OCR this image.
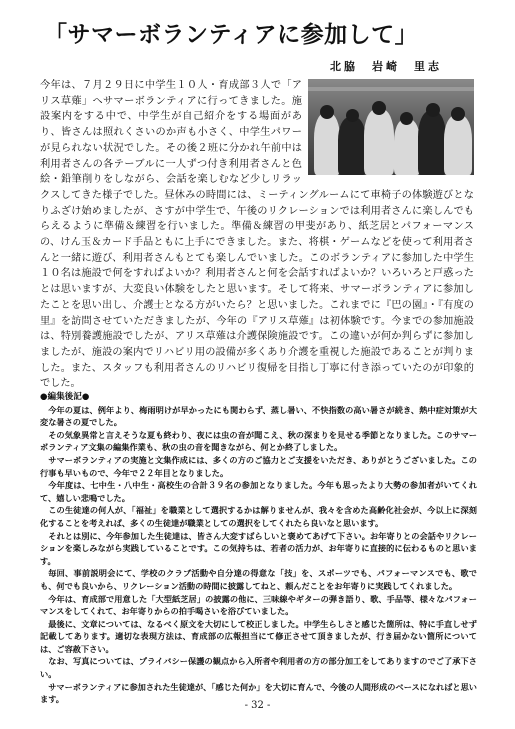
「サマーボランティアに参加して」
北脇　岩崎　里志
今年は、７月２９日に中学生１０人・育成部３人で「アリス草薙」へサマーボランティアに行ってきました。施設案内をする中で、中学生が自己紹介をする場面があり、皆さんは照れくさいのか声も小さく、中学生パワーが見られない状況でした。その後２班に分かれ午前中は利用者さんの各テーブルに一人ずつ付き利用者さんと色絵・鉛筆削りをしながら、会話を楽しむなど少しリラックスしてきた様子でした。昼休みの時間には、ミーティングルームにて車椅子の体験遊びとなりふざけ始めましたが、さすが中学生で、午後のリクレーションでは利用者さんに楽しんでもらえるように準備＆練習を行いました。準備＆練習の甲斐があり、紙芝居とパフォーマンスの、けん玉＆カード手品ともに上手にできました。また、将棋・ゲームなどを使って利用者さんと一緒に遊び、利用者さんもとても楽しんでいました。このボランティアに参加した中学生１０名は施設で何をすればよいか？利用者さんと何を会話すればよいか？いろいろと戸惑ったとは思いますが、大変良い体験をしたと思います。そして将来、サマーボランティアに参加したことを思い出し、介護士となる方がいたら？と思いました。これまでに『巴の園』・『有度の里』を訪問させていただきましたが、今年の『アリス草薙』は初体験です。今までの参加施設は、特別養護施設でしたが、アリス草薙は介護保険施設です。この違いが何か判らずに参加しましたが、施設の案内でリハビリ用の設備が多くあり介護を重視した施設であることが判りました。また、スタッフも利用者さんのリハビリ復帰を目指し丁寧に付き添っていたのが印象的でした。
●編集後記●

今年の夏は、例年より、梅雨明けが早かったにも関わらず、蒸し暑い、不快指数の高い暑さが続き、熱中症対策が大変な暑さの夏でした。

その気象異常と言えそうな夏も終わり、夜には虫の音が聞こえ、秋の深まりを見せる季節となりました。このサマーボランティア文集の編集作業も、秋の虫の音を聞きながら、何とか終了しました。

サマーボランティアの実施と文集作成には、多くの方のご協力とご支援をいただき、ありがとうございました。この行事も早いもので、今年で２２年目となりました。

今年度は、七中生・八中生・高校生の合計３９名の参加となりました。今年も思ったより大勢の参加者がいてくれて、嬉しい悲鳴でした。

この生徒達の何人が、「福祉」を職業として選択するかは解りませんが、我々を含めた高齢化社会が、今以上に深刻化することを考えれば、多くの生徒達が職業としての選択をしてくれたら良いなと思います。

それとは別に、今年参加した生徒達は、皆さん大変すばらしいと褒めてあげて下さい。お年寄りとの会話やリクレーションを楽しみながら実践していることです。この気持ちは、若者の活力が、お年寄りに直接的に伝わるものと思います。

毎回、事前説明会にて、学校のクラブ活動や自分達の得意な「技」を、スポーツでも、パフォーマンスでも、歌でも、何でも良いから、リクレーション活動の時間に披露してねと、頼んだことをお年寄りに実践してくれました。

今年は、育成部で用意した「大型紙芝居」の披露の他に、三味線やギターの弾き語り、歌、手品等、様々なパフォーマンスをしてくれて、お年寄りからの拍手喝さいを浴びていました。

最後に、文章については、なるべく原文を大切にして校正しました。中学生らしさと感じた箇所は、特に手直しせず記載してあります。適切な表現方法は、育成部の広報担当にて修正させて頂きましたが、行き届かない箇所については、ご容赦下さい。

なお、写真については、プライバシー保護の観点から入所者や利用者の方の部分加工をしてありますのでご了承下さい。

サマーボランティアに参加された生徒達が、「感じた何か」を大切に育んで、今後の人間形成のベースになればと思います。

- 32 -
